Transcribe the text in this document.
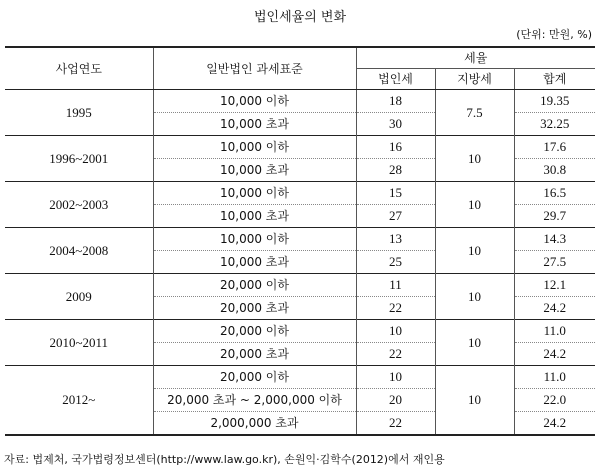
법인세율의 변화
(단위: 만원, %)
사업연도	일반법인 과세표준	세율		
		법인세	지방세	합계
1995	10,000 이하	18	7.5	19.35
	10,000 초과	30		32.25
1996~2001	10,000 이하	16	10	17.6
	10,000 초과	28		30.8
2002~2003	10,000 이하	15	10	16.5
	10,000 초과	27		29.7
2004~2008	10,000 이하	13	10	14.3
	10,000 초과	25		27.5
2009	20,000 이하	11	10	12.1
	20,000 초과	22		24.2
2010~2011	20,000 이하	10	10	11.0
	20,000 초과	22		24.2
2012~	20,000 이하	10	10	11.0
	20,000 초과 ~ 2,000,000 이하	20		22.0
	2,000,000 초과	22		24.2
자료: 법제처, 국가법령정보센터(http://www.law.go.kr), 손원익·김학수(2012)에서 재인용
